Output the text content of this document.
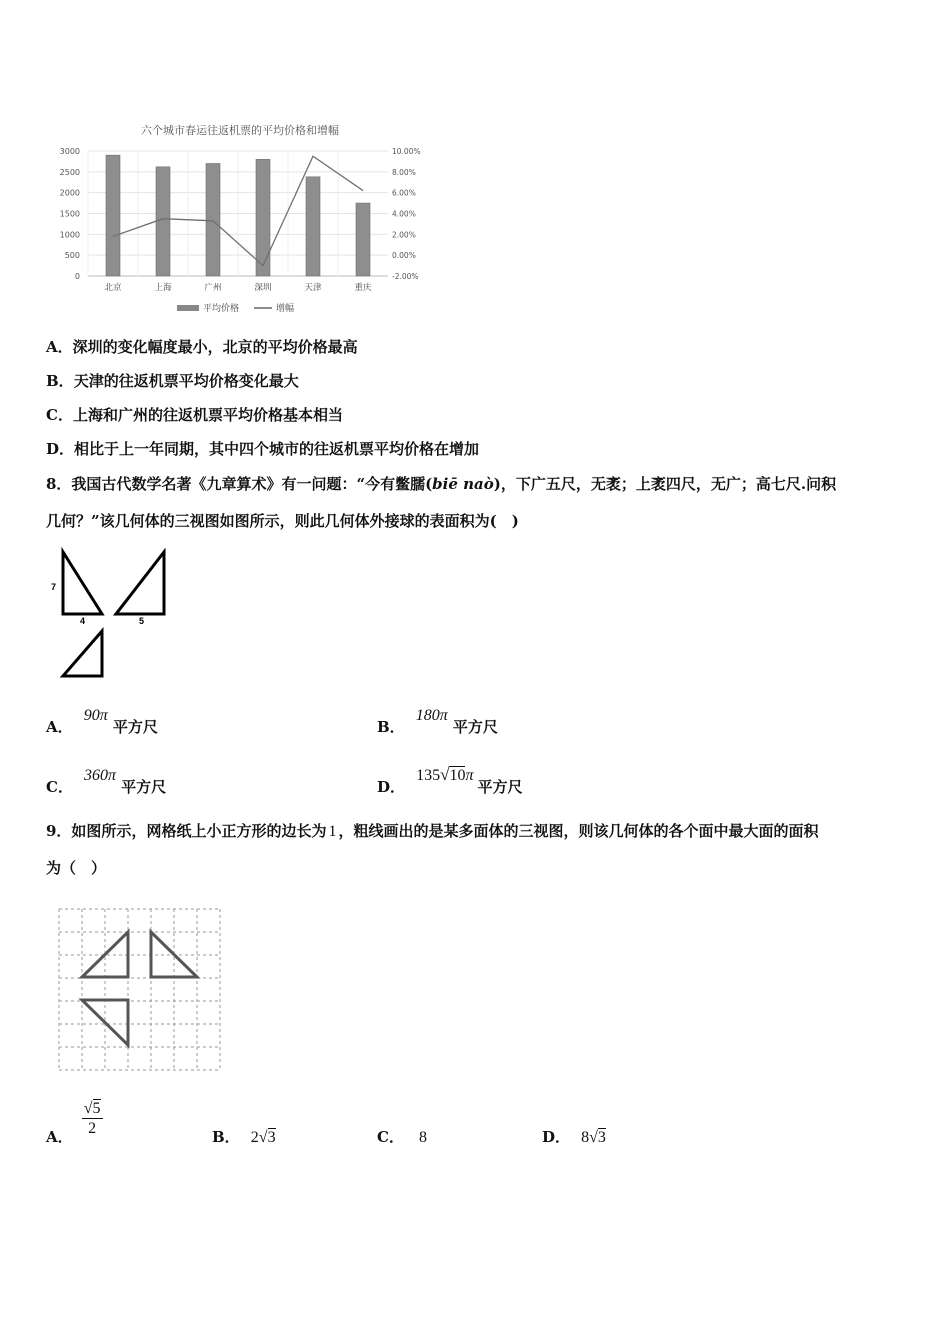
六个城市春运往返机票的平均价格和增幅
3000
2500
2000
1500
1000
500
0
10.00%
8.00%
6.00%
4.00%
2.00%
0.00%
-2.00%
北京	上海	广州	深圳	天津	重庆
平均价格	增幅
A．深圳的变化幅度最小，北京的平均价格最高
B．天津的往返机票平均价格变化最大
C．上海和广州的往返机票平均价格基本相当
D．相比于上一年同期，其中四个城市的往返机票平均价格在增加
8．我国古代数学名著《九章算术》有一问题：“今有鳖臑(biē naò)，下广五尺，无袤；上袤四尺，无广；高七尺.问积
几何？”该几何体的三视图如图所示，则此几何体外接球的表面积为(　)
7
4	5
A． 90π 平方尺	B． 180π 平方尺
C． 360π 平方尺	D． 135√10π 平方尺
9．如图所示，网格纸上小正方形的边长为 1 ，粗线画出的是某多面体的三视图，则该几何体的各个面中最大面的面积
为（　）
A． $\frac{√5}{2}$	B． 2√3	C． 8	D． 8√3
